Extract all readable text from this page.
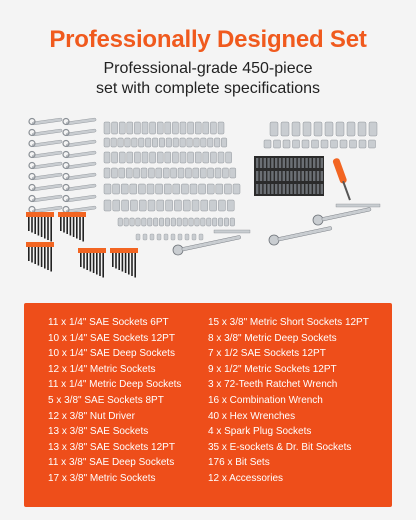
Professionally Designed Set
Professional-grade 450-piece
set with complete specifications
11 x 1/4" SAE Sockets 6PT
10 x 1/4" SAE Sockets 12PT
10 x 1/4" SAE Deep Sockets
12 x 1/4" Metric Sockets
11 x 1/4" Metric Deep Sockets
5 x 3/8" SAE Sockets 8PT
12 x 3/8" Nut Driver
13 x 3/8" SAE Sockets
13 x 3/8" SAE Sockets 12PT
11 x 3/8" SAE Deep Sockets
17 x 3/8" Metric Sockets
15 x 3/8" Metric Short Sockets 12PT
8 x 3/8" Metric Deep Sockets
7 x 1/2 SAE Sockets 12PT
9 x 1/2" Metric Sockets 12PT
3 x 72-Teeth Ratchet Wrench
16 x Combination Wrench
40 x Hex Wrenches
4 x Spark Plug Sockets
35 x E-sockets & Dr. Bit Sockets
176 x Bit Sets
12 x Accessories
